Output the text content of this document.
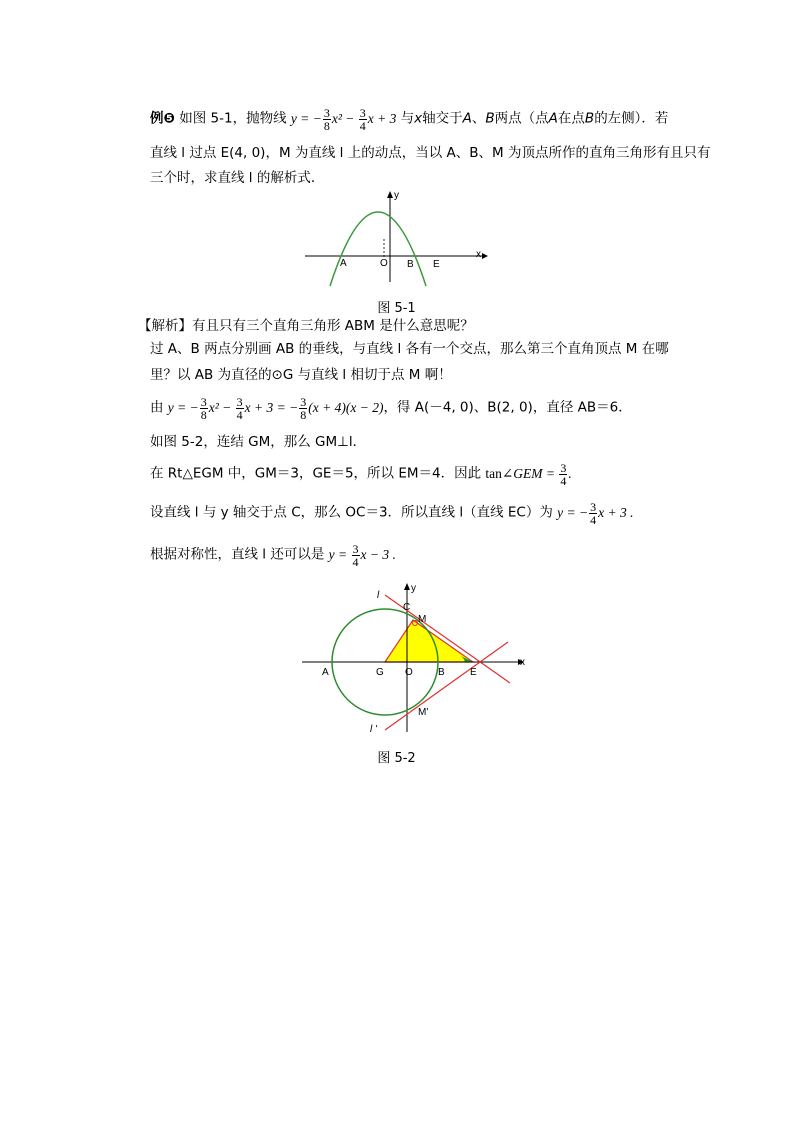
例❺ 如图 5-1，抛物线 y = − $\frac{3}{8} x^2 - \frac{3}{4}$ x + 3 与x轴交于A、B两点（点A在点B的左侧）．若
直线 l 过点 E(4, 0)，M 为直线 l 上的动点，当以 A、B、M 为顶点所作的直角三角形有且只有
三个时，求直线 l 的解析式．
y
x
A	O B E
图 5-1
【解析】有且只有三个直角三角形 ABM 是什么意思呢？
过 A、B 两点分别画 AB 的垂线，与直线 l 各有一个交点，那么第三个直角顶点 M 在哪
里？以 AB 为直径的⊙G 与直线 l 相切于点 M 啊！
由 y = − $\frac{3}{8} x^2 - \frac{3}{4}$ x + 3 = − $\frac{3}{8} (x + 4)(x - 2)$，得 A(－4, 0)、B(2, 0)，直径 AB＝6．
如图 5-2，连结 GM，那么 GM⊥l．
在 Rt△EGM 中，GM＝3，GE＝5，所以 EM＝4．因此 tan∠GEM = $\frac{3}{4}$ .
设直线 l 与 y 轴交于点 C，那么 OC＝3．所以直线 l（直线 EC）为 y = − $\frac{3}{4}$ x + 3 .
根据对称性，直线 l 还可以是 $y = \frac{3}{4}$ x − 3 .
l
l '
y
x
C
M
A	G O	B	E
M'
图 5-2
